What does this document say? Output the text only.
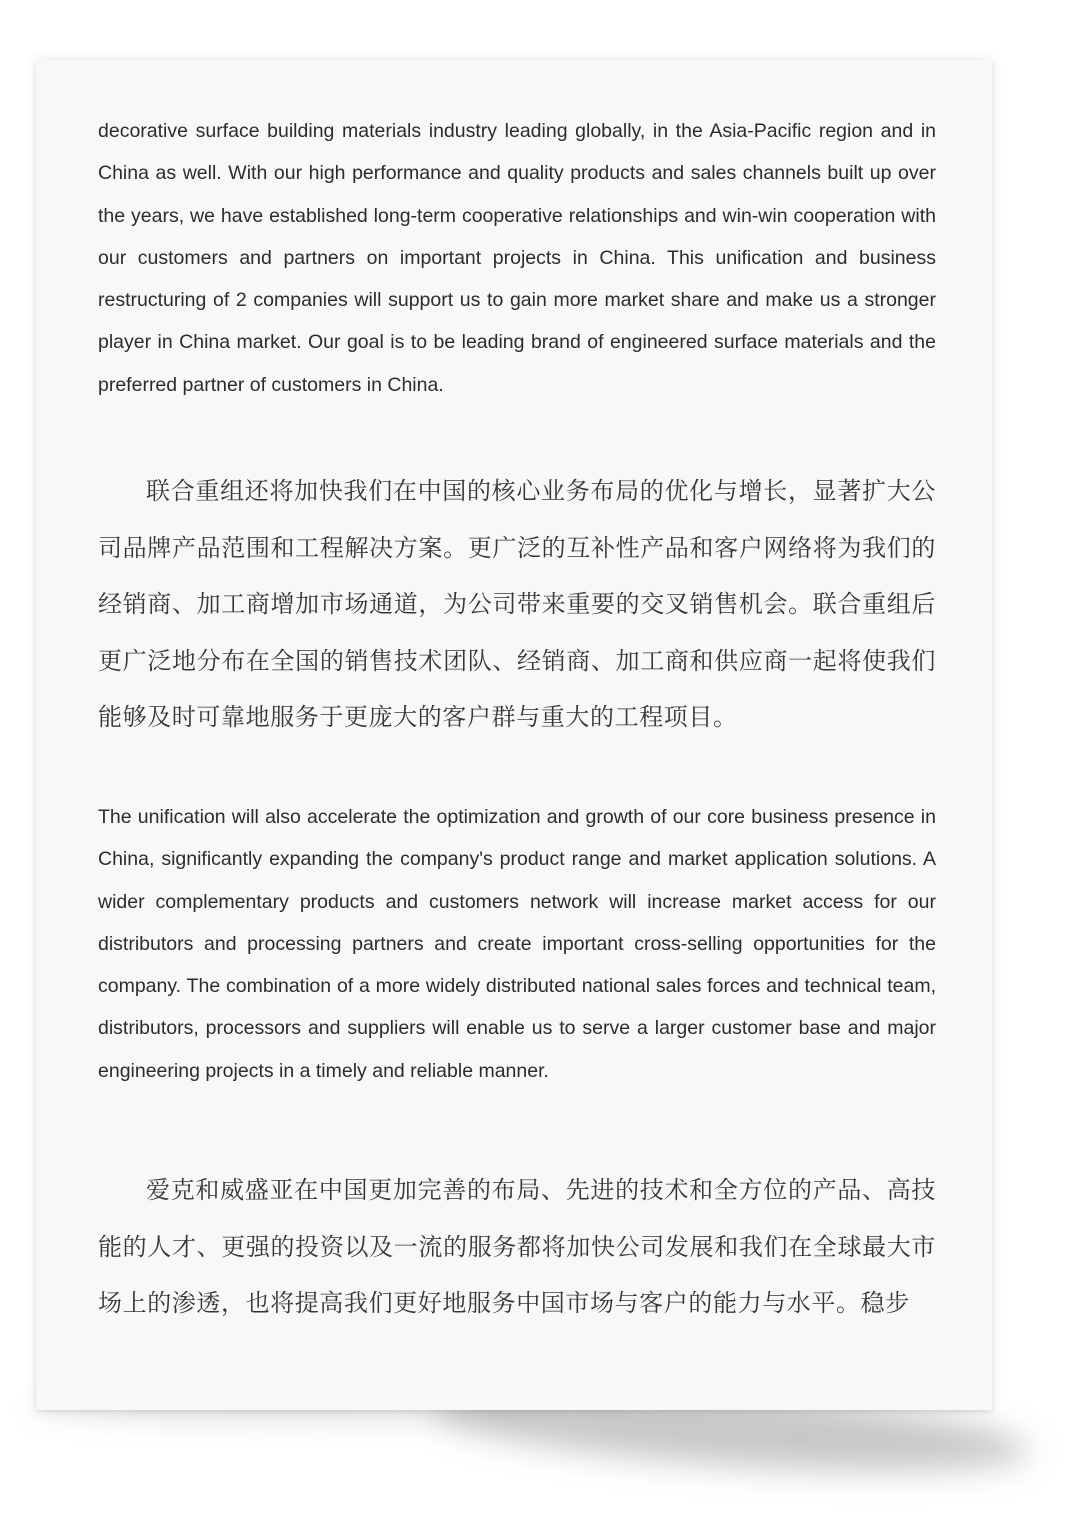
decorative surface building materials industry leading globally, in the Asia-Pacific region and in China as well. With our high performance and quality products and sales channels built up over the years, we have established long-term cooperative relationships and win-win cooperation with our customers and partners on important projects in China. This unification and business restructuring of 2 companies will support us to gain more market share and make us a stronger player in China market. Our goal is to be leading brand of engineered surface materials and the preferred partner of customers in China.

联合重组还将加快我们在中国的核心业务布局的优化与增长，显著扩大公司品牌产品范围和工程解决方案。更广泛的互补性产品和客户网络将为我们的经销商、加工商增加市场通道，为公司带来重要的交叉销售机会。联合重组后更广泛地分布在全国的销售技术团队、经销商、加工商和供应商一起将使我们能够及时可靠地服务于更庞大的客户群与重大的工程项目。

The unification will also accelerate the optimization and growth of our core business presence in China, significantly expanding the company's product range and market application solutions. A wider complementary products and customers network will increase market access for our distributors and processing partners and create important cross-selling opportunities for the company. The combination of a more widely distributed national sales forces and technical team, distributors, processors and suppliers will enable us to serve a larger customer base and major engineering projects in a timely and reliable manner.

爱克和威盛亚在中国更加完善的布局、先进的技术和全方位的产品、高技能的人才、更强的投资以及一流的服务都将加快公司发展和我们在全球最大市场上的渗透，也将提高我们更好地服务中国市场与客户的能力与水平。稳步
